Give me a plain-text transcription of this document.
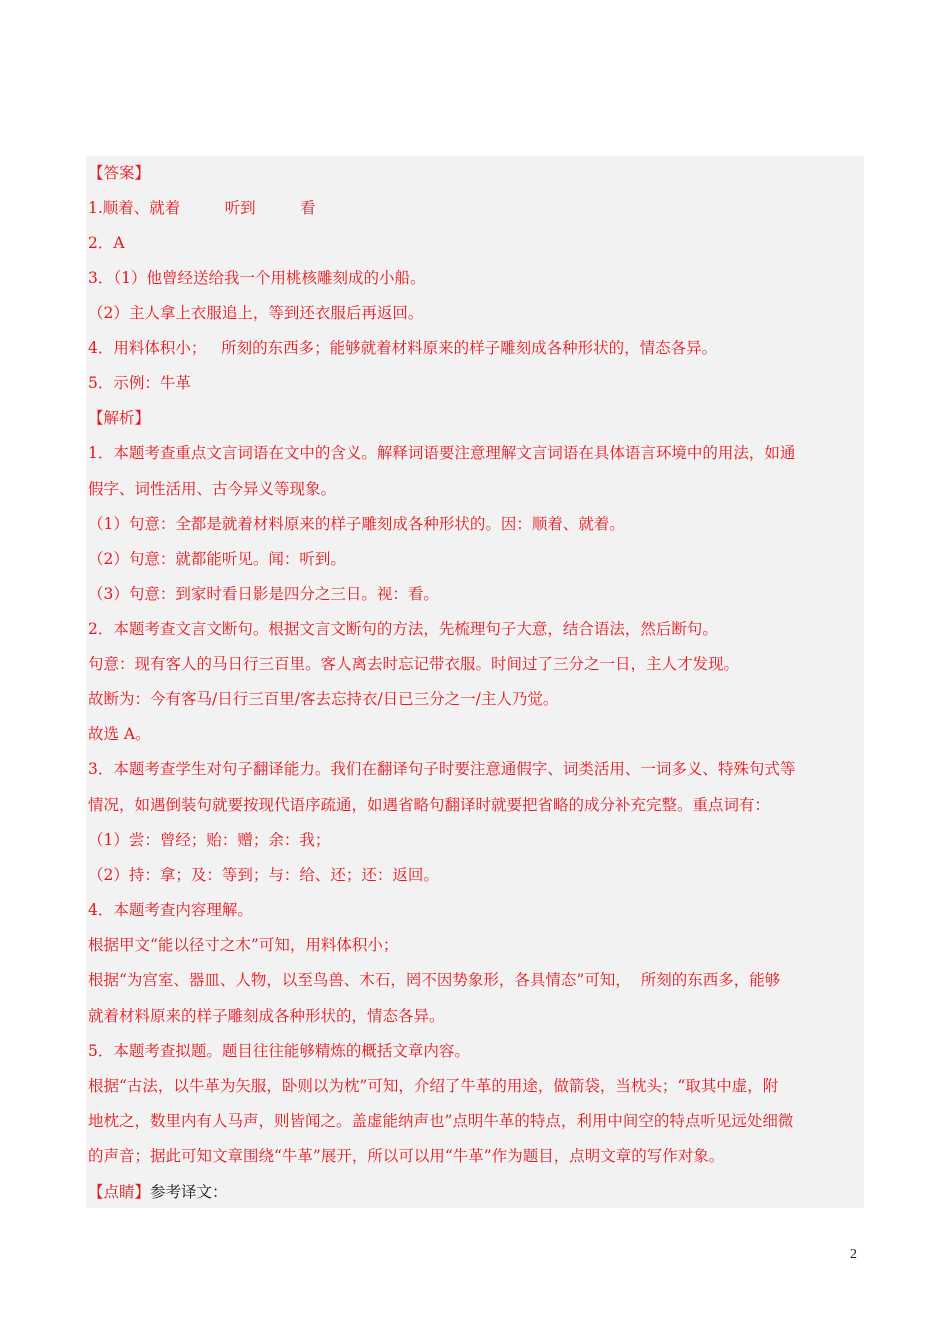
【答案】
1.顺着、就着         听到         看
2．A
3．（1）他曾经送给我一个用桃核雕刻成的小船。
（2）主人拿上衣服追上，等到还衣服后再返回。
4．用料体积小；   所刻的东西多；能够就着材料原来的样子雕刻成各种形状的，情态各异。
5．示例：牛革
【解析】
1．本题考查重点文言词语在文中的含义。解释词语要注意理解文言词语在具体语言环境中的用法，如通
假字、词性活用、古今异义等现象。
（1）句意：全都是就着材料原来的样子雕刻成各种形状的。因：顺着、就着。
（2）句意：就都能听见。闻：听到。
（3）句意：到家时看日影是四分之三日。视：看。
2．本题考查文言文断句。根据文言文断句的方法，先梳理句子大意，结合语法，然后断句。
句意：现有客人的马日行三百里。客人离去时忘记带衣服。时间过了三分之一日，主人才发现。
故断为：今有客马/日行三百里/客去忘持衣/日已三分之一/主人乃觉。
故选 A。
3．本题考查学生对句子翻译能力。我们在翻译句子时要注意通假字、词类活用、一词多义、特殊句式等
情况，如遇倒装句就要按现代语序疏通，如遇省略句翻译时就要把省略的成分补充完整。重点词有：
（1）尝：曾经；贻：赠；余：我；
（2）持：拿；及：等到；与：给、还；还：返回。
4．本题考查内容理解。
根据甲文“能以径寸之木”可知，用料体积小；
根据“为宫室、器皿、人物，以至鸟兽、木石，罔不因势象形，各具情态”可知，  所刻的东西多，能够
就着材料原来的样子雕刻成各种形状的，情态各异。
5．本题考查拟题。题目往往能够精炼的概括文章内容。
根据“古法，以牛革为矢服，卧则以为枕”可知，介绍了牛革的用途，做箭袋，当枕头；“取其中虚，附
地枕之，数里内有人马声，则皆闻之。盖虚能纳声也”点明牛革的特点，利用中间空的特点听见远处细微
的声音；据此可知文章围绕“牛革”展开，所以可以用“牛革”作为题目，点明文章的写作对象。
【点睛】参考译文：
2
